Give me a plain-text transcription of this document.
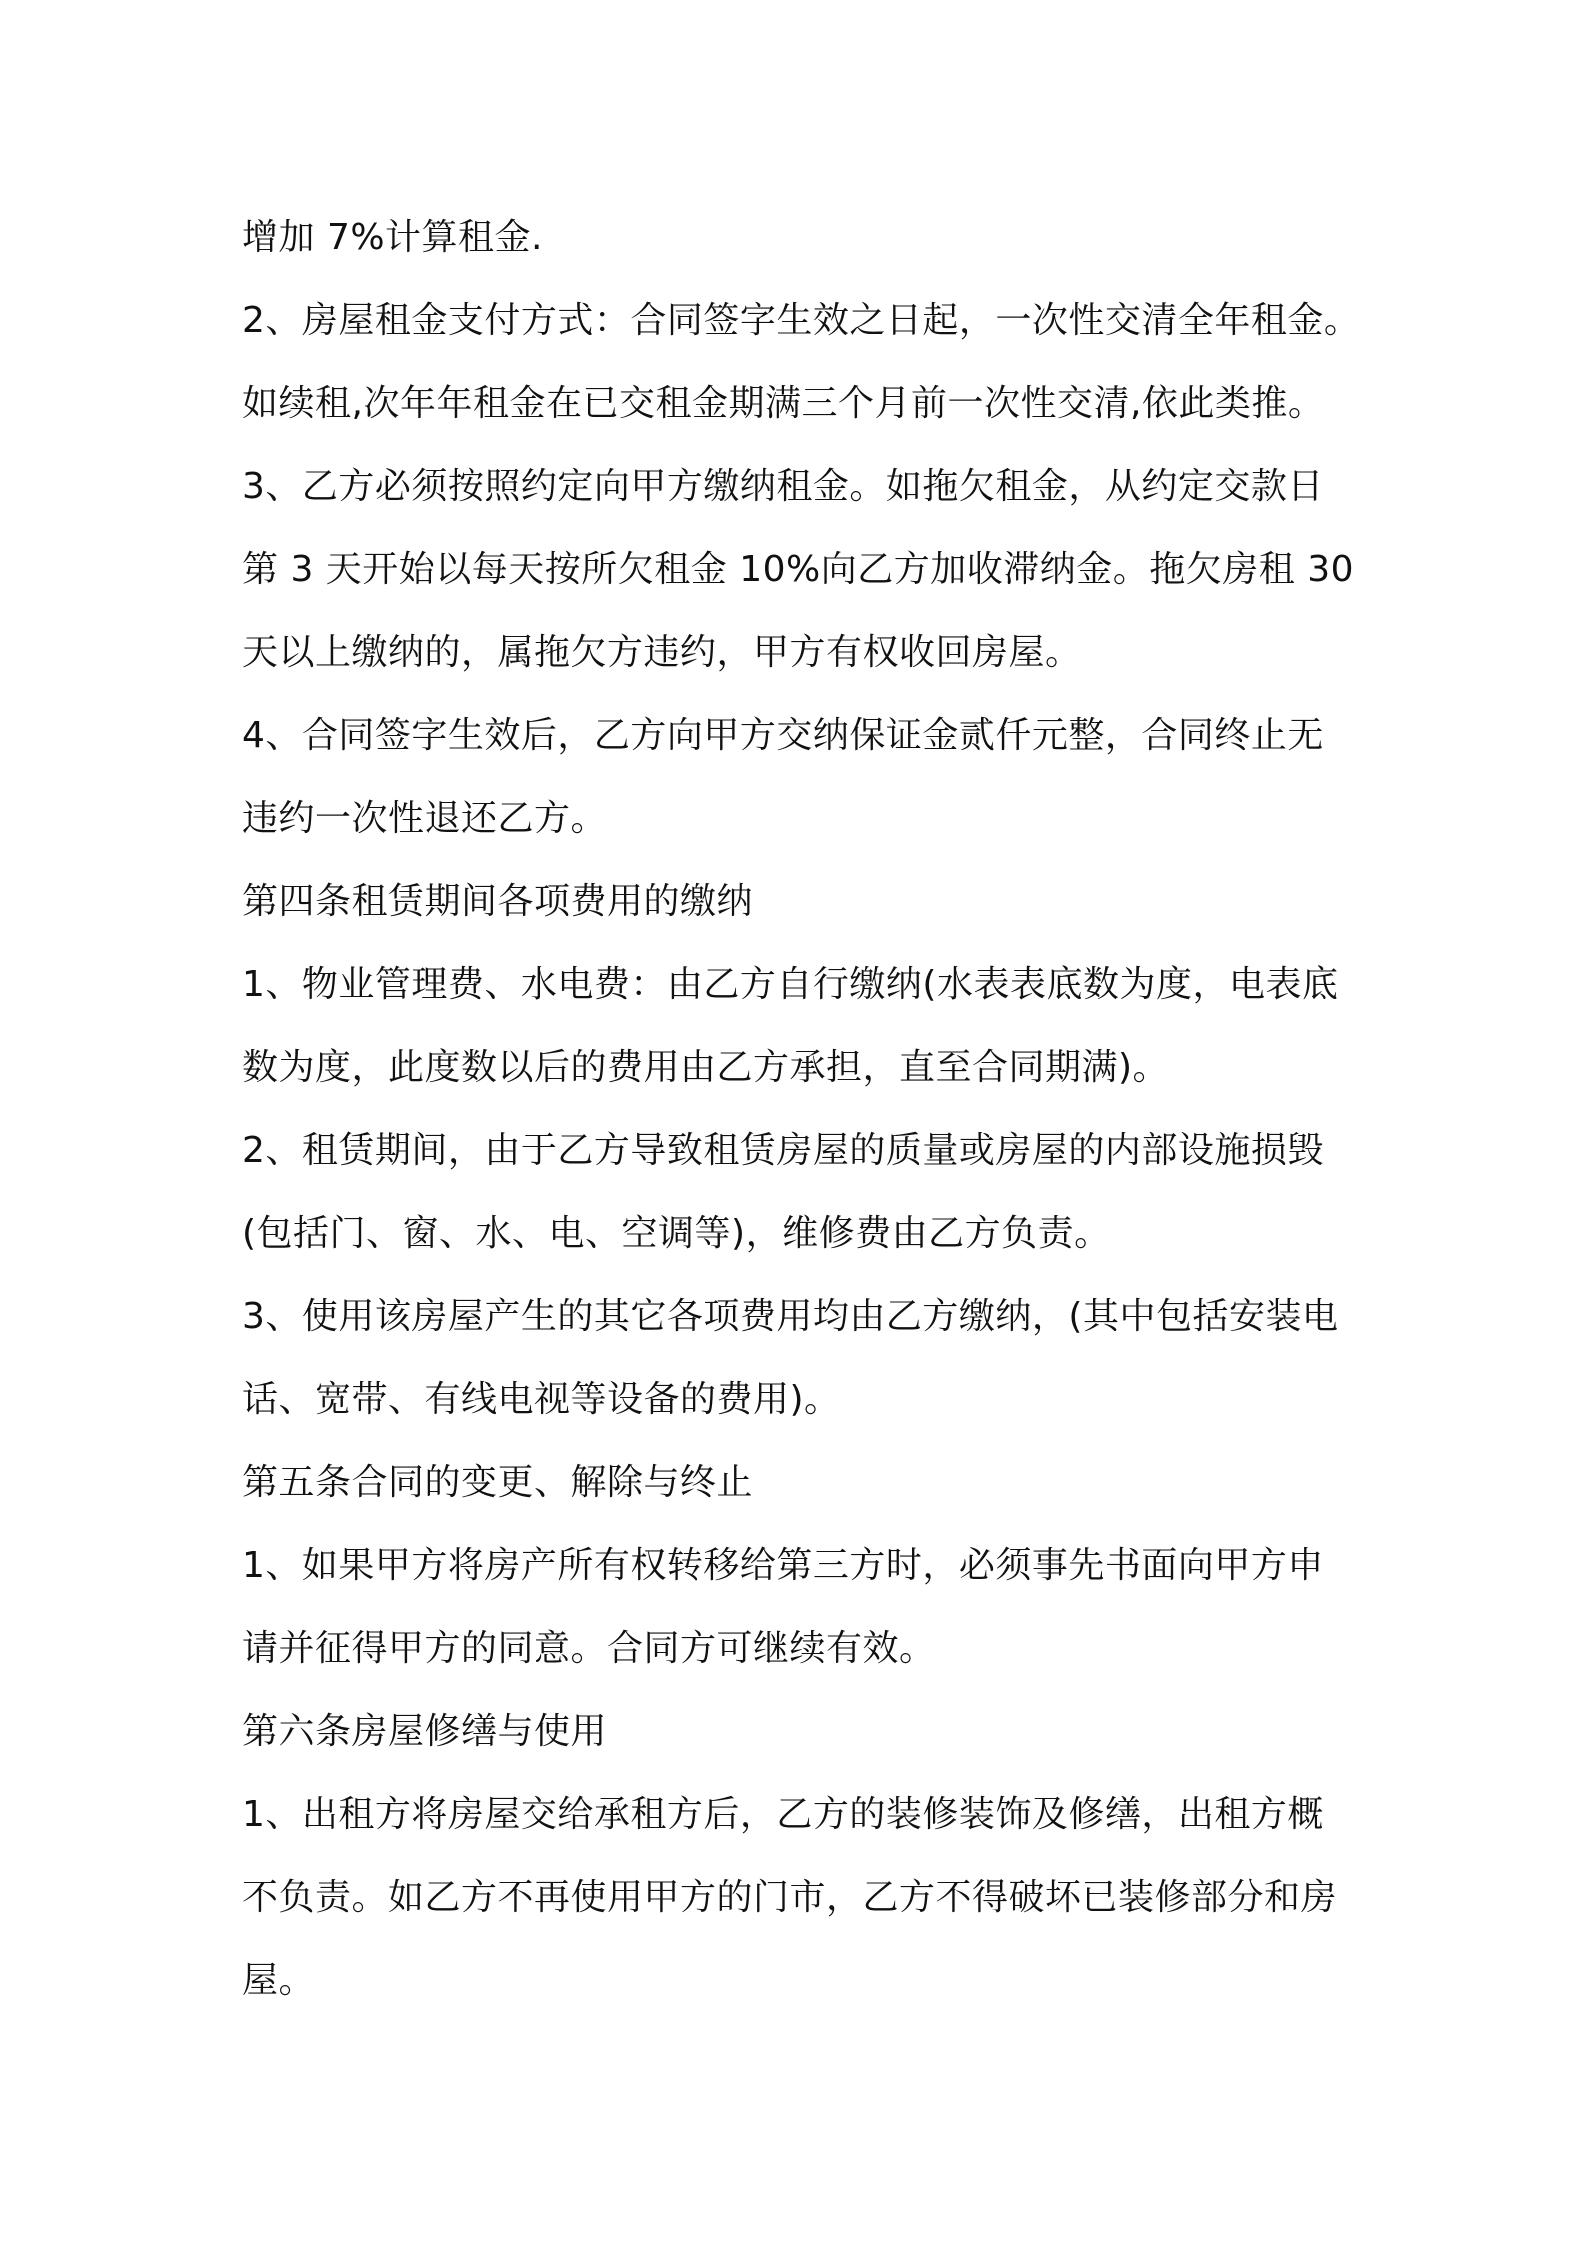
增加 7%计算租金.
2、房屋租金支付方式：合同签字生效之日起，一次性交清全年租金。
如续租,次年年租金在已交租金期满三个月前一次性交清,依此类推。
3、乙方必须按照约定向甲方缴纳租金。如拖欠租金，从约定交款日
第 3 天开始以每天按所欠租金 10%向乙方加收滞纳金。拖欠房租 30
天以上缴纳的，属拖欠方违约，甲方有权收回房屋。
4、合同签字生效后，乙方向甲方交纳保证金贰仟元整，合同终止无
违约一次性退还乙方。
第四条租赁期间各项费用的缴纳
1、物业管理费、水电费：由乙方自行缴纳(水表表底数为度，电表底
数为度，此度数以后的费用由乙方承担，直至合同期满)。
2、租赁期间，由于乙方导致租赁房屋的质量或房屋的内部设施损毁
(包括门、窗、水、电、空调等)，维修费由乙方负责。
3、使用该房屋产生的其它各项费用均由乙方缴纳，(其中包括安装电
话、宽带、有线电视等设备的费用)。
第五条合同的变更、解除与终止
1、如果甲方将房产所有权转移给第三方时，必须事先书面向甲方申
请并征得甲方的同意。合同方可继续有效。
第六条房屋修缮与使用
1、出租方将房屋交给承租方后，乙方的装修装饰及修缮，出租方概
不负责。如乙方不再使用甲方的门市，乙方不得破坏已装修部分和房
屋。
